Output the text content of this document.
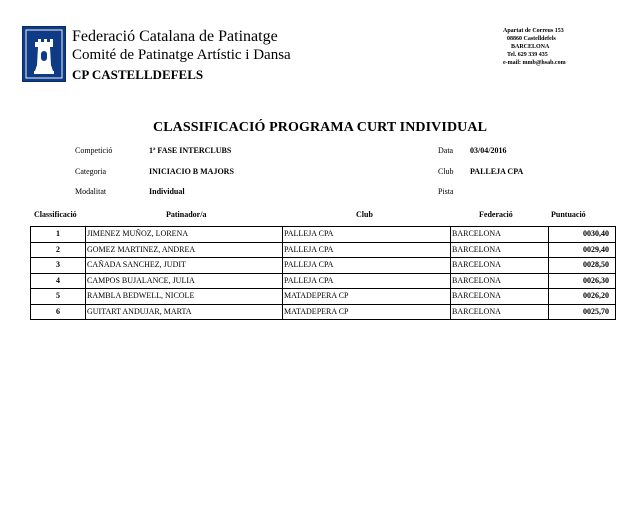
Federació Catalana de Patinatge
Comité de Patinatge Artístic i Dansa
CP CASTELLDEFELS
Apartat de Correus 153
08860 Castelldefels
BARCELONA
Tel. 629 339 435
e-mail: mmb@hsab.com
CLASSIFICACIÓ PROGRAMA CURT INDIVIDUAL
Competició	1ª FASE INTERCLUBS	Data 03/04/2016
Categoria	INICIACIO B MAJORS	Club PALLEJA CPA
Modalitat	Individual	Pista
Classificació	Patinador/a	Club	Federació	Puntuació
1	JIMENEZ MUÑOZ, LORENA	PALLEJA CPA	BARCELONA	0030,40
2	GOMEZ MARTINEZ, ANDREA	PALLEJA CPA	BARCELONA	0029,40
3	CAÑADA SANCHEZ, JUDIT	PALLEJA CPA	BARCELONA	0028,50
4	CAMPOS BUJALANCE, JULIA	PALLEJA CPA	BARCELONA	0026,30
5	RAMBLA BEDWELL, NICOLE	MATADEPERA CP	BARCELONA	0026,20
6	GUITART ANDUJAR, MARTA	MATADEPERA CP	BARCELONA	0025,70
